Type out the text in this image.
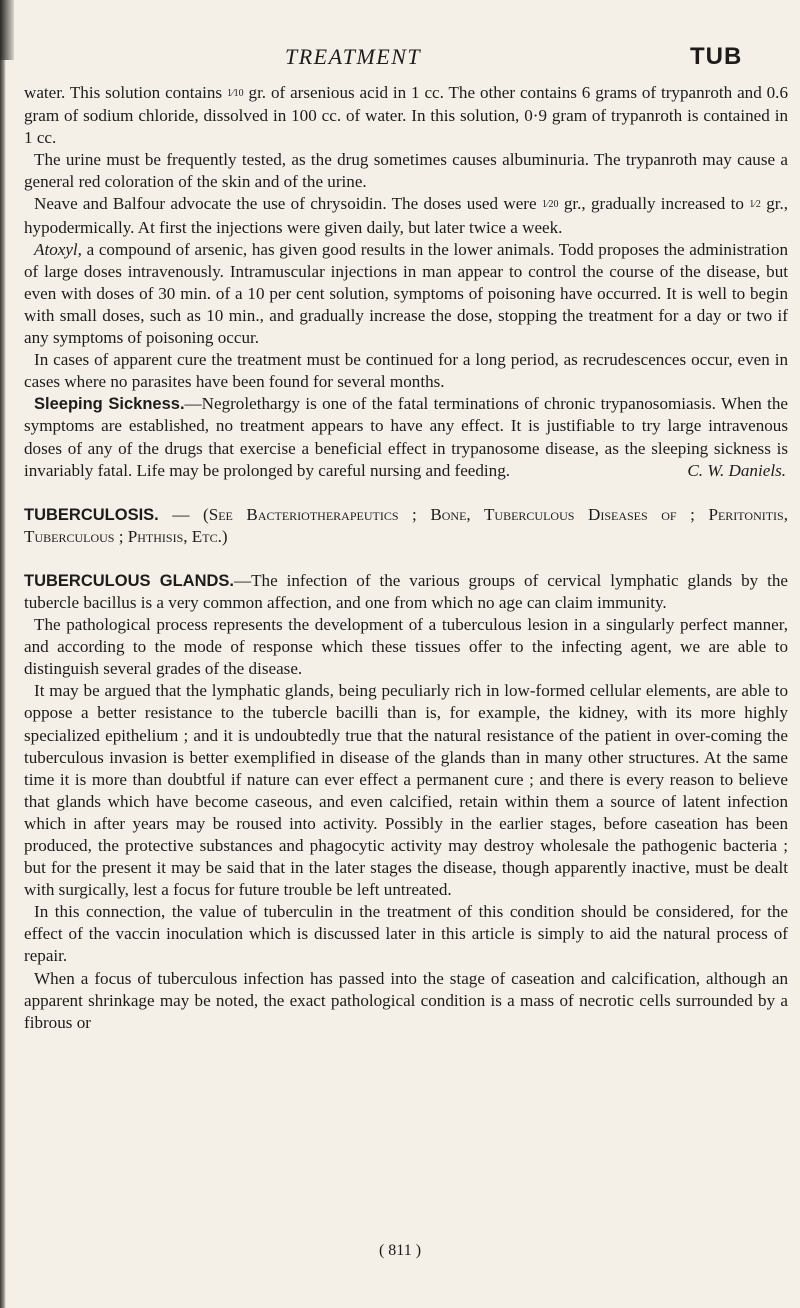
TREATMENT	TUB

water. This solution contains 1⁄10 gr. of arsenious acid in 1 cc. The other contains 6 grams of trypanroth and 0.6 gram of sodium chloride, dissolved in 100 cc. of water. In this solution, 0·9 gram of trypanroth is contained in 1 cc.

The urine must be frequently tested, as the drug sometimes causes albuminuria. The trypanroth may cause a general red coloration of the skin and of the urine.

Neave and Balfour advocate the use of chrysoidin. The doses used were 1⁄20 gr., gradually increased to 1⁄2 gr., hypodermically. At first the injections were given daily, but later twice a week.

Atoxyl, a compound of arsenic, has given good results in the lower animals. Todd proposes the administration of large doses intravenously. Intramuscular injections in man appear to control the course of the disease, but even with doses of 30 min. of a 10 per cent solution, symptoms of poisoning have occurred. It is well to begin with small doses, such as 10 min., and gradually increase the dose, stopping the treatment for a day or two if any symptoms of poisoning occur.

In cases of apparent cure the treatment must be continued for a long period, as recrudescences occur, even in cases where no parasites have been found for several months.

Sleeping Sickness.—Negrolethargy is one of the fatal terminations of chronic trypanosomiasis. When the symptoms are established, no treatment appears to have any effect. It is justifiable to try large intravenous doses of any of the drugs that exercise a beneficial effect in trypanosome disease, as the sleeping sickness is invariably fatal. Life may be prolonged by careful nursing and feeding.	C. W. Daniels.

TUBERCULOSIS. — (See Bacteriotherapeutics ; Bone, Tuberculous Diseases of ; Peritonitis, Tuberculous ; Phthisis, Etc.)

TUBERCULOUS GLANDS.—The infection of the various groups of cervical lymphatic glands by the tubercle bacillus is a very common affection, and one from which no age can claim immunity.

The pathological process represents the development of a tuberculous lesion in a singularly perfect manner, and according to the mode of response which these tissues offer to the infecting agent, we are able to distinguish several grades of the disease.

It may be argued that the lymphatic glands, being peculiarly rich in low-formed cellular elements, are able to oppose a better resistance to the tubercle bacilli than is, for example, the kidney, with its more highly specialized epithelium ; and it is undoubtedly true that the natural resistance of the patient in over-coming the tuberculous invasion is better exemplified in disease of the glands than in many other structures. At the same time it is more than doubtful if nature can ever effect a permanent cure ; and there is every reason to believe that glands which have become caseous, and even calcified, retain within them a source of latent infection which in after years may be roused into activity. Possibly in the earlier stages, before caseation has been produced, the protective substances and phagocytic activity may destroy wholesale the pathogenic bacteria ; but for the present it may be said that in the later stages the disease, though apparently inactive, must be dealt with surgically, lest a focus for future trouble be left untreated.

In this connection, the value of tuberculin in the treatment of this condition should be considered, for the effect of the vaccin inoculation which is discussed later in this article is simply to aid the natural process of repair.

When a focus of tuberculous infection has passed into the stage of caseation and calcification, although an apparent shrinkage may be noted, the exact pathological condition is a mass of necrotic cells surrounded by a fibrous or

( 811 )
